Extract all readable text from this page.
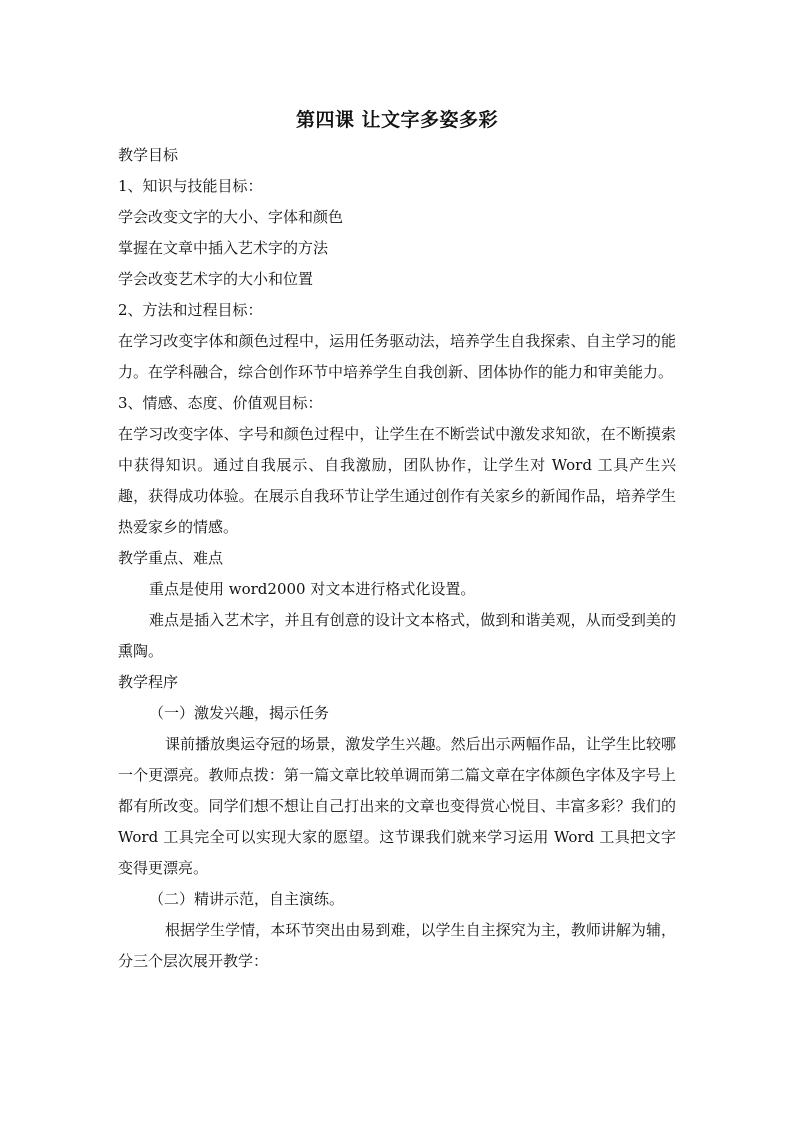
第四课 让文字多姿多彩

教学目标

1、知识与技能目标：

学会改变文字的大小、字体和颜色

掌握在文章中插入艺术字的方法

学会改变艺术字的大小和位置

2、方法和过程目标：

在学习改变字体和颜色过程中，运用任务驱动法，培养学生自我探索、自主学习的能力。在学科融合，综合创作环节中培养学生自我创新、团体协作的能力和审美能力。

3、情感、态度、价值观目标：

在学习改变字体、字号和颜色过程中，让学生在不断尝试中激发求知欲，在不断摸索中获得知识。通过自我展示、自我激励，团队协作，让学生对 Word 工具产生兴趣，获得成功体验。在展示自我环节让学生通过创作有关家乡的新闻作品，培养学生热爱家乡的情感。

教学重点、难点

重点是使用 word2000 对文本进行格式化设置。

难点是插入艺术字，并且有创意的设计文本格式，做到和谐美观，从而受到美的熏陶。

教学程序

（一）激发兴趣，揭示任务

课前播放奥运夺冠的场景，激发学生兴趣。然后出示两幅作品，让学生比较哪一个更漂亮。教师点拨：第一篇文章比较单调而第二篇文章在字体颜色字体及字号上都有所改变。同学们想不想让自己打出来的文章也变得赏心悦目、丰富多彩？我们的 Word 工具完全可以实现大家的愿望。这节课我们就来学习运用 Word 工具把文字变得更漂亮。

（二）精讲示范，自主演练。

根据学生学情，本环节突出由易到难，以学生自主探究为主，教师讲解为辅，分三个层次展开教学：
